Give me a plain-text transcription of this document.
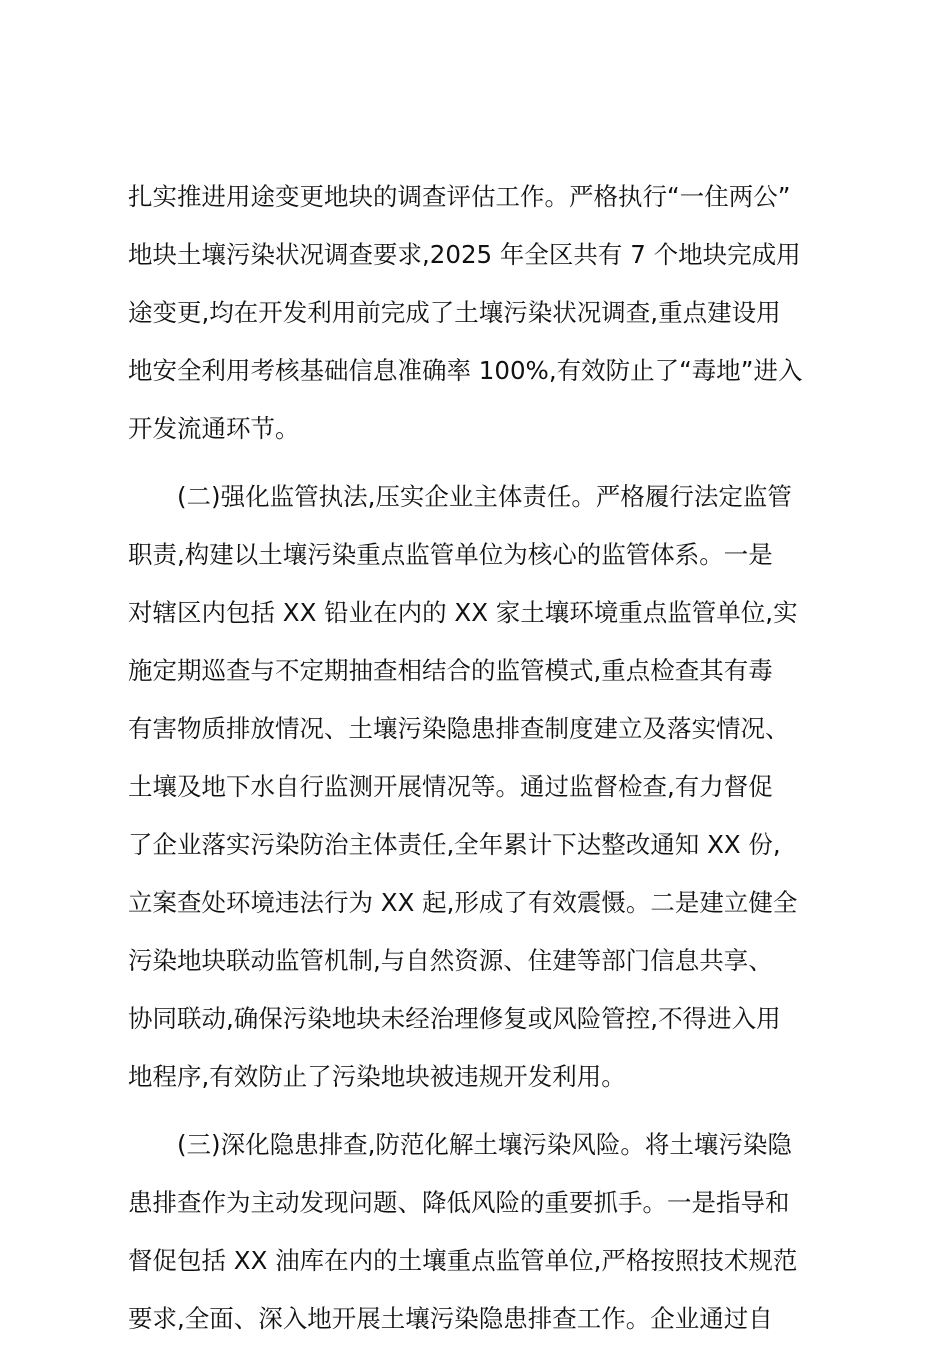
扎实推进用途变更地块的调查评估工作。严格执行“一住两公”
地块土壤污染状况调查要求,2025 年全区共有 7 个地块完成用
途变更,均在开发利用前完成了土壤污染状况调查,重点建设用
地安全利用考核基础信息准确率 100%,有效防止了“毒地”进入
开发流通环节。
(二)强化监管执法,压实企业主体责任。严格履行法定监管
职责,构建以土壤污染重点监管单位为核心的监管体系。一是
对辖区内包括 XX 铅业在内的 XX 家土壤环境重点监管单位,实
施定期巡查与不定期抽查相结合的监管模式,重点检查其有毒
有害物质排放情况、土壤污染隐患排查制度建立及落实情况、
土壤及地下水自行监测开展情况等。通过监督检查,有力督促
了企业落实污染防治主体责任,全年累计下达整改通知 XX 份,
立案查处环境违法行为 XX 起,形成了有效震慑。二是建立健全
污染地块联动监管机制,与自然资源、住建等部门信息共享、
协同联动,确保污染地块未经治理修复或风险管控,不得进入用
地程序,有效防止了污染地块被违规开发利用。
(三)深化隐患排查,防范化解土壤污染风险。将土壤污染隐
患排查作为主动发现问题、降低风险的重要抓手。一是指导和
督促包括 XX 油库在内的土壤重点监管单位,严格按照技术规范
要求,全面、深入地开展土壤污染隐患排查工作。企业通过自
